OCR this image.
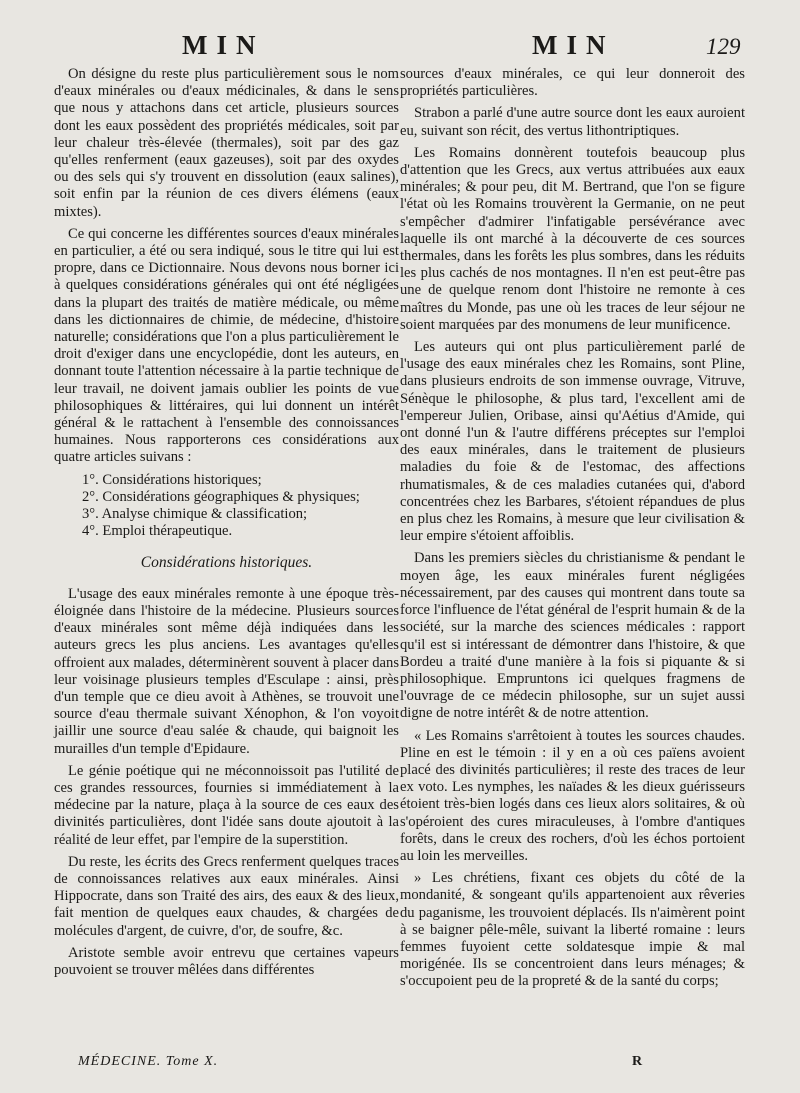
MIN	MIN	129

On désigne du reste plus particulièrement sous le nom d'eaux minérales ou d'eaux médicinales, & dans le sens que nous y attachons dans cet article, plusieurs sources dont les eaux possèdent des propriétés médicales, soit par leur chaleur très-élevée (thermales), soit par des gaz qu'elles renferment (eaux gazeuses), soit par des oxydes ou des sels qui s'y trouvent en dissolution (eaux salines), soit enfin par la réunion de ces divers élémens (eaux mixtes).

Ce qui concerne les différentes sources d'eaux minérales en particulier, a été ou sera indiqué, sous le titre qui lui est propre, dans ce Dictionnaire. Nous devons nous borner ici à quelques considérations générales qui ont été négligées dans la plupart des traités de matière médicale, ou même dans les dictionnaires de chimie, de médecine, d'histoire naturelle; considérations que l'on a plus particulièrement le droit d'exiger dans une encyclopédie, dont les auteurs, en donnant toute l'attention nécessaire à la partie technique de leur travail, ne doivent jamais oublier les points de vue philosophiques & littéraires, qui lui donnent un intérêt général & le rattachent à l'ensemble des connoissances humaines. Nous rapporterons ces considérations aux quatre articles suivans :

1°. Considérations historiques;

2°. Considérations géographiques & physiques;

3°. Analyse chimique & classification;

4°. Emploi thérapeutique.

Considérations historiques.

L'usage des eaux minérales remonte à une époque très-éloignée dans l'histoire de la médecine. Plusieurs sources d'eaux minérales sont même déjà indiquées dans les auteurs grecs les plus anciens. Les avantages qu'elles offroient aux malades, déterminèrent souvent à placer dans leur voisinage plusieurs temples d'Esculape : ainsi, près d'un temple que ce dieu avoit à Athènes, se trouvoit une source d'eau thermale suivant Xénophon, & l'on voyoit jaillir une source d'eau salée & chaude, qui baignoit les murailles d'un temple d'Epidaure.

Le génie poétique qui ne méconnoissoit pas l'utilité de ces grandes ressources, fournies si immédiatement à la médecine par la nature, plaça à la source de ces eaux des divinités particulières, dont l'idée sans doute ajoutoit à la réalité de leur effet, par l'empire de la superstition.

Du reste, les écrits des Grecs renferment quelques traces de connoissances relatives aux eaux minérales. Ainsi Hippocrate, dans son Traité des airs, des eaux & des lieux, fait mention de quelques eaux chaudes, & chargées de molécules d'argent, de cuivre, d'or, de soufre, &c.

Aristote semble avoir entrevu que certaines vapeurs pouvoient se trouver mêlées dans différentes

sources d'eaux minérales, ce qui leur donneroit des propriétés particulières.

Strabon a parlé d'une autre source dont les eaux auroient eu, suivant son récit, des vertus lithontriptiques.

Les Romains donnèrent toutefois beaucoup plus d'attention que les Grecs, aux vertus attribuées aux eaux minérales; & pour peu, dit M. Bertrand, que l'on se figure l'état où les Romains trouvèrent la Germanie, on ne peut s'empêcher d'admirer l'infatigable persévérance avec laquelle ils ont marché à la découverte de ces sources thermales, dans les forêts les plus sombres, dans les réduits les plus cachés de nos montagnes. Il n'en est peut-être pas une de quelque renom dont l'histoire ne remonte à ces maîtres du Monde, pas une où les traces de leur séjour ne soient marquées par des monumens de leur munificence.

Les auteurs qui ont plus particulièrement parlé de l'usage des eaux minérales chez les Romains, sont Pline, dans plusieurs endroits de son immense ouvrage, Vitruve, Sénèque le philosophe, & plus tard, l'excellent ami de l'empereur Julien, Oribase, ainsi qu'Aétius d'Amide, qui ont donné l'un & l'autre différens préceptes sur l'emploi des eaux minérales, dans le traitement de plusieurs maladies du foie & de l'estomac, des affections rhumatismales, & de ces maladies cutanées qui, d'abord concentrées chez les Barbares, s'étoient répandues de plus en plus chez les Romains, à mesure que leur civilisation & leur empire s'étoient affoiblis.

Dans les premiers siècles du christianisme & pendant le moyen âge, les eaux minérales furent négligées nécessairement, par des causes qui montrent dans toute sa force l'influence de l'état général de l'esprit humain & de la société, sur la marche des sciences médicales : rapport qu'il est si intéressant de démontrer dans l'histoire, & que Bordeu a traité d'une manière à la fois si piquante & si philosophique. Empruntons ici quelques fragmens de l'ouvrage de ce médecin philosophe, sur un sujet aussi digne de notre intérêt & de notre attention.

« Les Romains s'arrêtoient à toutes les sources chaudes. Pline en est le témoin : il y en a où ces païens avoient placé des divinités particulières; il reste des traces de leur ex voto. Les nymphes, les naïades & les dieux guérisseurs étoient très-bien logés dans ces lieux alors solitaires, & où s'opéroient des cures miraculeuses, à l'ombre d'antiques forêts, dans le creux des rochers, d'où les échos portoient au loin les merveilles.

» Les chrétiens, fixant ces objets du côté de la mondanité, & songeant qu'ils appartenoient aux rêveries du paganisme, les trouvoient déplacés. Ils n'aimèrent point à se baigner pêle-mêle, suivant la liberté romaine : leurs femmes fuyoient cette soldatesque impie & mal morigénée. Ils se concentroient dans leurs ménages; & s'occupoient peu de la propreté & de la santé du corps;

MÉDECINE. Tome X.	R
